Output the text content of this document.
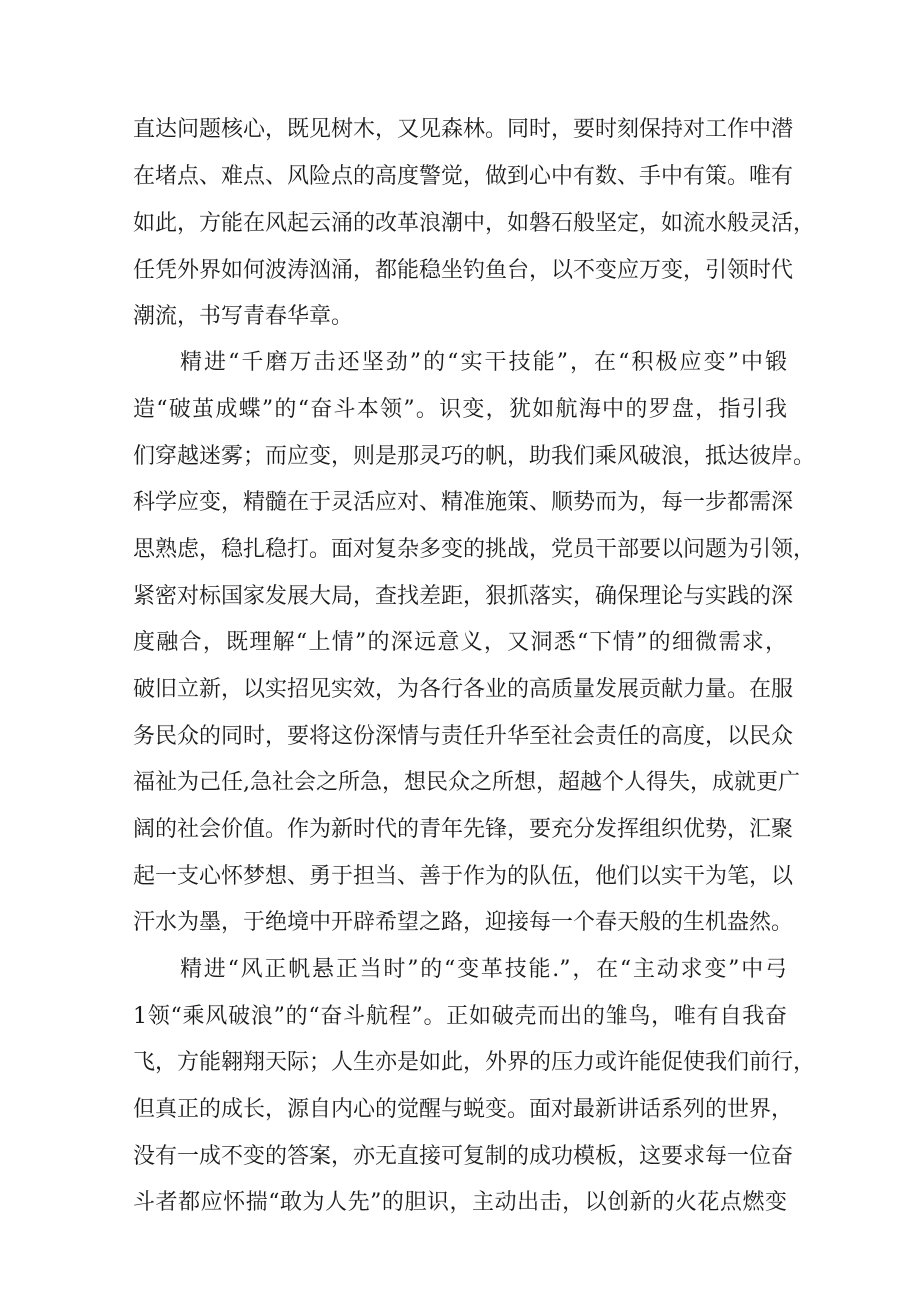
直达问题核心，既见树木，又见森林。同时，要时刻保持对工作中潜
在堵点、难点、风险点的高度警觉，做到心中有数、手中有策。唯有
如此，方能在风起云涌的改革浪潮中，如磐石般坚定，如流水般灵活，
任凭外界如何波涛汹涌，都能稳坐钓鱼台，以不变应万变，引领时代
潮流，书写青春华章。
精进“千磨万击还坚劲”的“实干技能”，在“积极应变”中锻
造“破茧成蝶”的“奋斗本领”。识变，犹如航海中的罗盘，指引我
们穿越迷雾；而应变，则是那灵巧的帆，助我们乘风破浪，抵达彼岸。
科学应变，精髓在于灵活应对、精准施策、顺势而为，每一步都需深
思熟虑，稳扎稳打。面对复杂多变的挑战，党员干部要以问题为引领，
紧密对标国家发展大局，查找差距，狠抓落实，确保理论与实践的深
度融合，既理解“上情”的深远意义，又洞悉“下情”的细微需求，
破旧立新，以实招见实效，为各行各业的高质量发展贡献力量。在服
务民众的同时，要将这份深情与责任升华至社会责任的高度，以民众
福祉为己任,急社会之所急，想民众之所想，超越个人得失，成就更广
阔的社会价值。作为新时代的青年先锋，要充分发挥组织优势，汇聚
起一支心怀梦想、勇于担当、善于作为的队伍，他们以实干为笔，以
汗水为墨，于绝境中开辟希望之路，迎接每一个春天般的生机盎然。
精进“风正帆悬正当时”的“变革技能.”，在“主动求变”中弓
1领“乘风破浪”的“奋斗航程”。正如破壳而出的雏鸟，唯有自我奋
飞，方能翱翔天际；人生亦是如此，外界的压力或许能促使我们前行，
但真正的成长，源自内心的觉醒与蜕变。面对最新讲话系列的世界，
没有一成不变的答案，亦无直接可复制的成功模板，这要求每一位奋
斗者都应怀揣“敢为人先”的胆识，主动出击，以创新的火花点燃变
